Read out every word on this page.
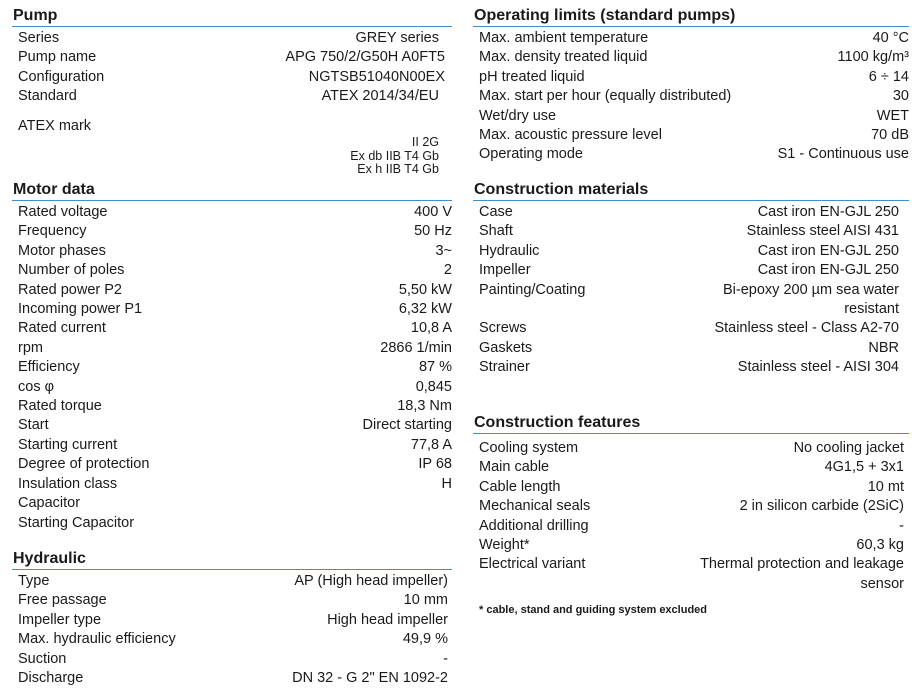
Pump
Series	GREY series
Pump name	APG 750/2/G50H A0FT5
Configuration	NGTSB51040N00EX
Standard	ATEX 2014/34/EU
ATEX mark
II 2G
Ex db IIB T4 Gb
Ex h IIB T4 Gb
Motor data
Rated voltage	400 V
Frequency	50 Hz
Motor phases	3~
Number of poles	2
Rated power P2	5,50 kW
Incoming power P1	6,32 kW
Rated current	10,8 A
rpm	2866 1/min
Efficiency	87 %
cos φ	0,845
Rated torque	18,3 Nm
Start	Direct starting
Starting current	77,8 A
Degree of protection	IP 68
Insulation class	H
Capacitor
Starting Capacitor
Hydraulic
Type	AP (High head impeller)
Free passage	10 mm
Impeller type	High head impeller
Max. hydraulic efficiency	49,9 %
Suction	-
Discharge	DN 32 - G 2" EN 1092-2
Operating limits (standard pumps)
Max. ambient temperature	40 °C
Max. density treated liquid	1100 kg/m³
pH treated liquid	6 ÷ 14
Max. start per hour (equally distributed)	30
Wet/dry use	WET
Max. acoustic pressure level	70 dB
Operating mode	S1 - Continuous use
Construction materials
Case	Cast iron EN-GJL 250
Shaft	Stainless steel AISI 431
Hydraulic	Cast iron EN-GJL 250
Impeller	Cast iron EN-GJL 250
Painting/Coating	Bi-epoxy 200 µm sea water resistant
Screws	Stainless steel - Class A2-70
Gaskets	NBR
Strainer	Stainless steel - AISI 304
Construction features
Cooling system	No cooling jacket
Main cable	4G1,5 + 3x1
Cable length	10 mt
Mechanical seals	2 in silicon carbide (2SiC)
Additional drilling	-
Weight*	60,3 kg
Electrical variant	Thermal protection and leakage sensor
* cable, stand and guiding system excluded
